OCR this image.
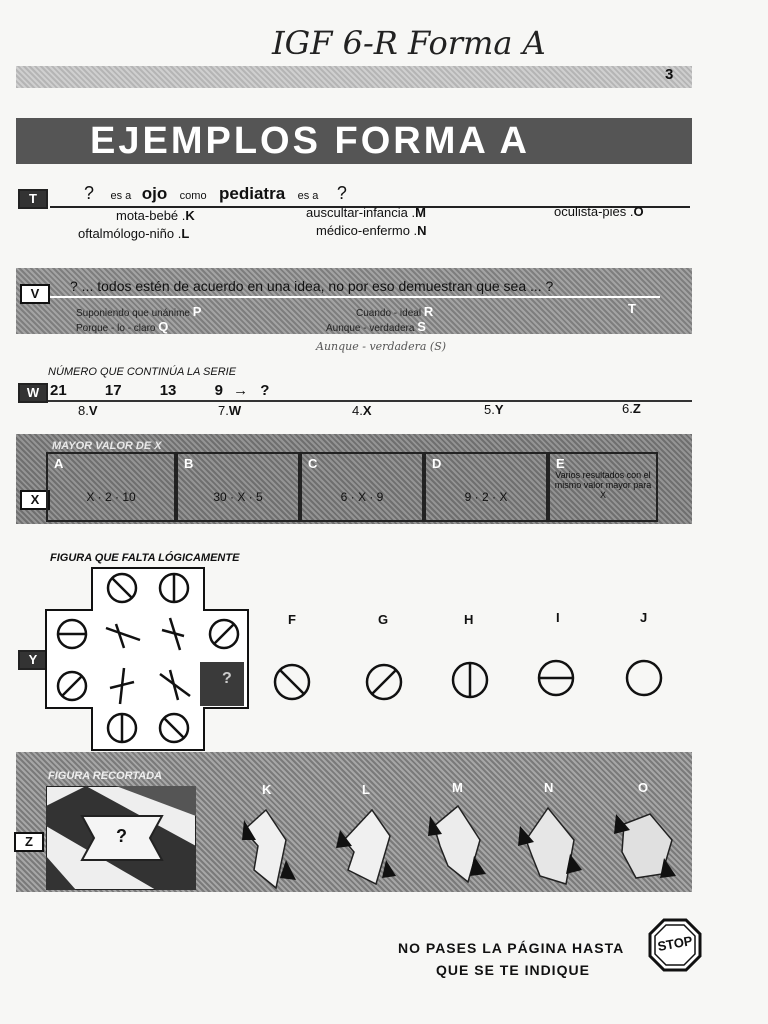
IGF 6-R Forma A
3
EJEMPLOS FORMA A
T	? es a ojo como pediatra es a ?
mota-bebé .K
oftalmólogo-niño .L
auscultar-infancia .M
médico-enfermo .N
oculista-pies .O
V	? ... todos estén de acuerdo en una idea, no por eso demuestran que sea ... ?
Suponiendo que unánime P
Porque - lo - claro Q
Cuando - ideal R
Aunque - verdadera S
T
Aunque - verdadera (S)
NÚMERO QUE CONTINÚA LA SERIE
W 21	17	13	9 → ?
8.V	7.W	4.X	5.Y	6.Z
MAYOR VALOR DE X
X
A
X · 2 · 10
B
30 · X · 5
C
6 · X · 9
D
9 · 2 · X
E
Varios resultados con el mismo valor mayor para X
FIGURA QUE FALTA LÓGICAMENTE
Y
?
F	G	H	I	J
FIGURA RECORTADA
Z	?
K	L	M	N	O
NO PASES LA PÁGINA HASTA
QUE SE TE INDIQUE
STOP
